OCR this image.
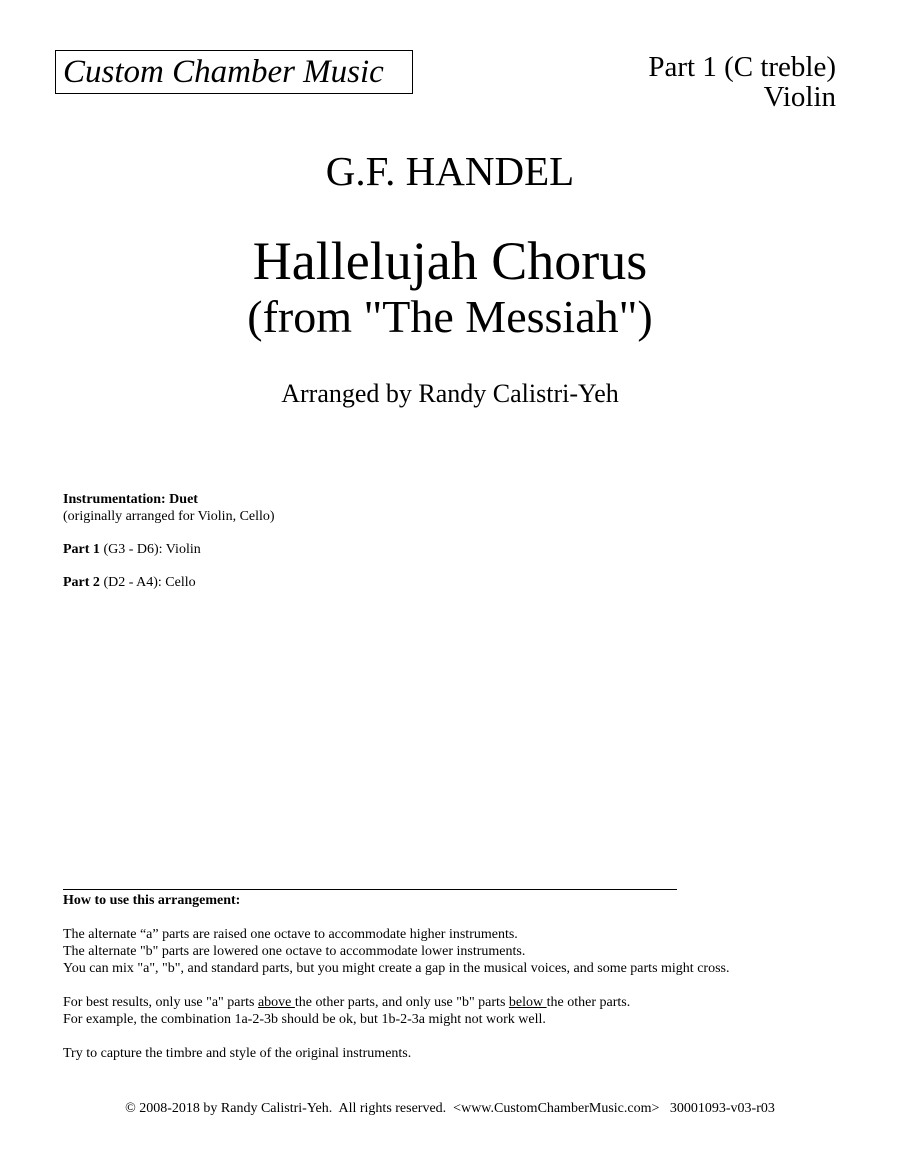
Custom Chamber Music	Part 1 (C treble)
Violin
G.F. HANDEL
Hallelujah Chorus
(from "The Messiah")
Arranged by Randy Calistri-Yeh
Instrumentation: Duet
(originally arranged for Violin, Cello)
Part 1 (G3 - D6): Violin
Part 2 (D2 - A4): Cello
How to use this arrangement:
The alternate “a” parts are raised one octave to accommodate higher instruments.
The alternate "b" parts are lowered one octave to accommodate lower instruments.
You can mix "a", "b", and standard parts, but you might create a gap in the musical voices, and some parts might cross.
For best results, only use "a" parts above the other parts, and only use "b" parts below the other parts.
For example, the combination 1a-2-3b should be ok, but 1b-2-3a might not work well.
Try to capture the timbre and style of the original instruments.
© 2008-2018 by Randy Calistri-Yeh.  All rights reserved.  <www.CustomChamberMusic.com>   30001093-v03-r03
